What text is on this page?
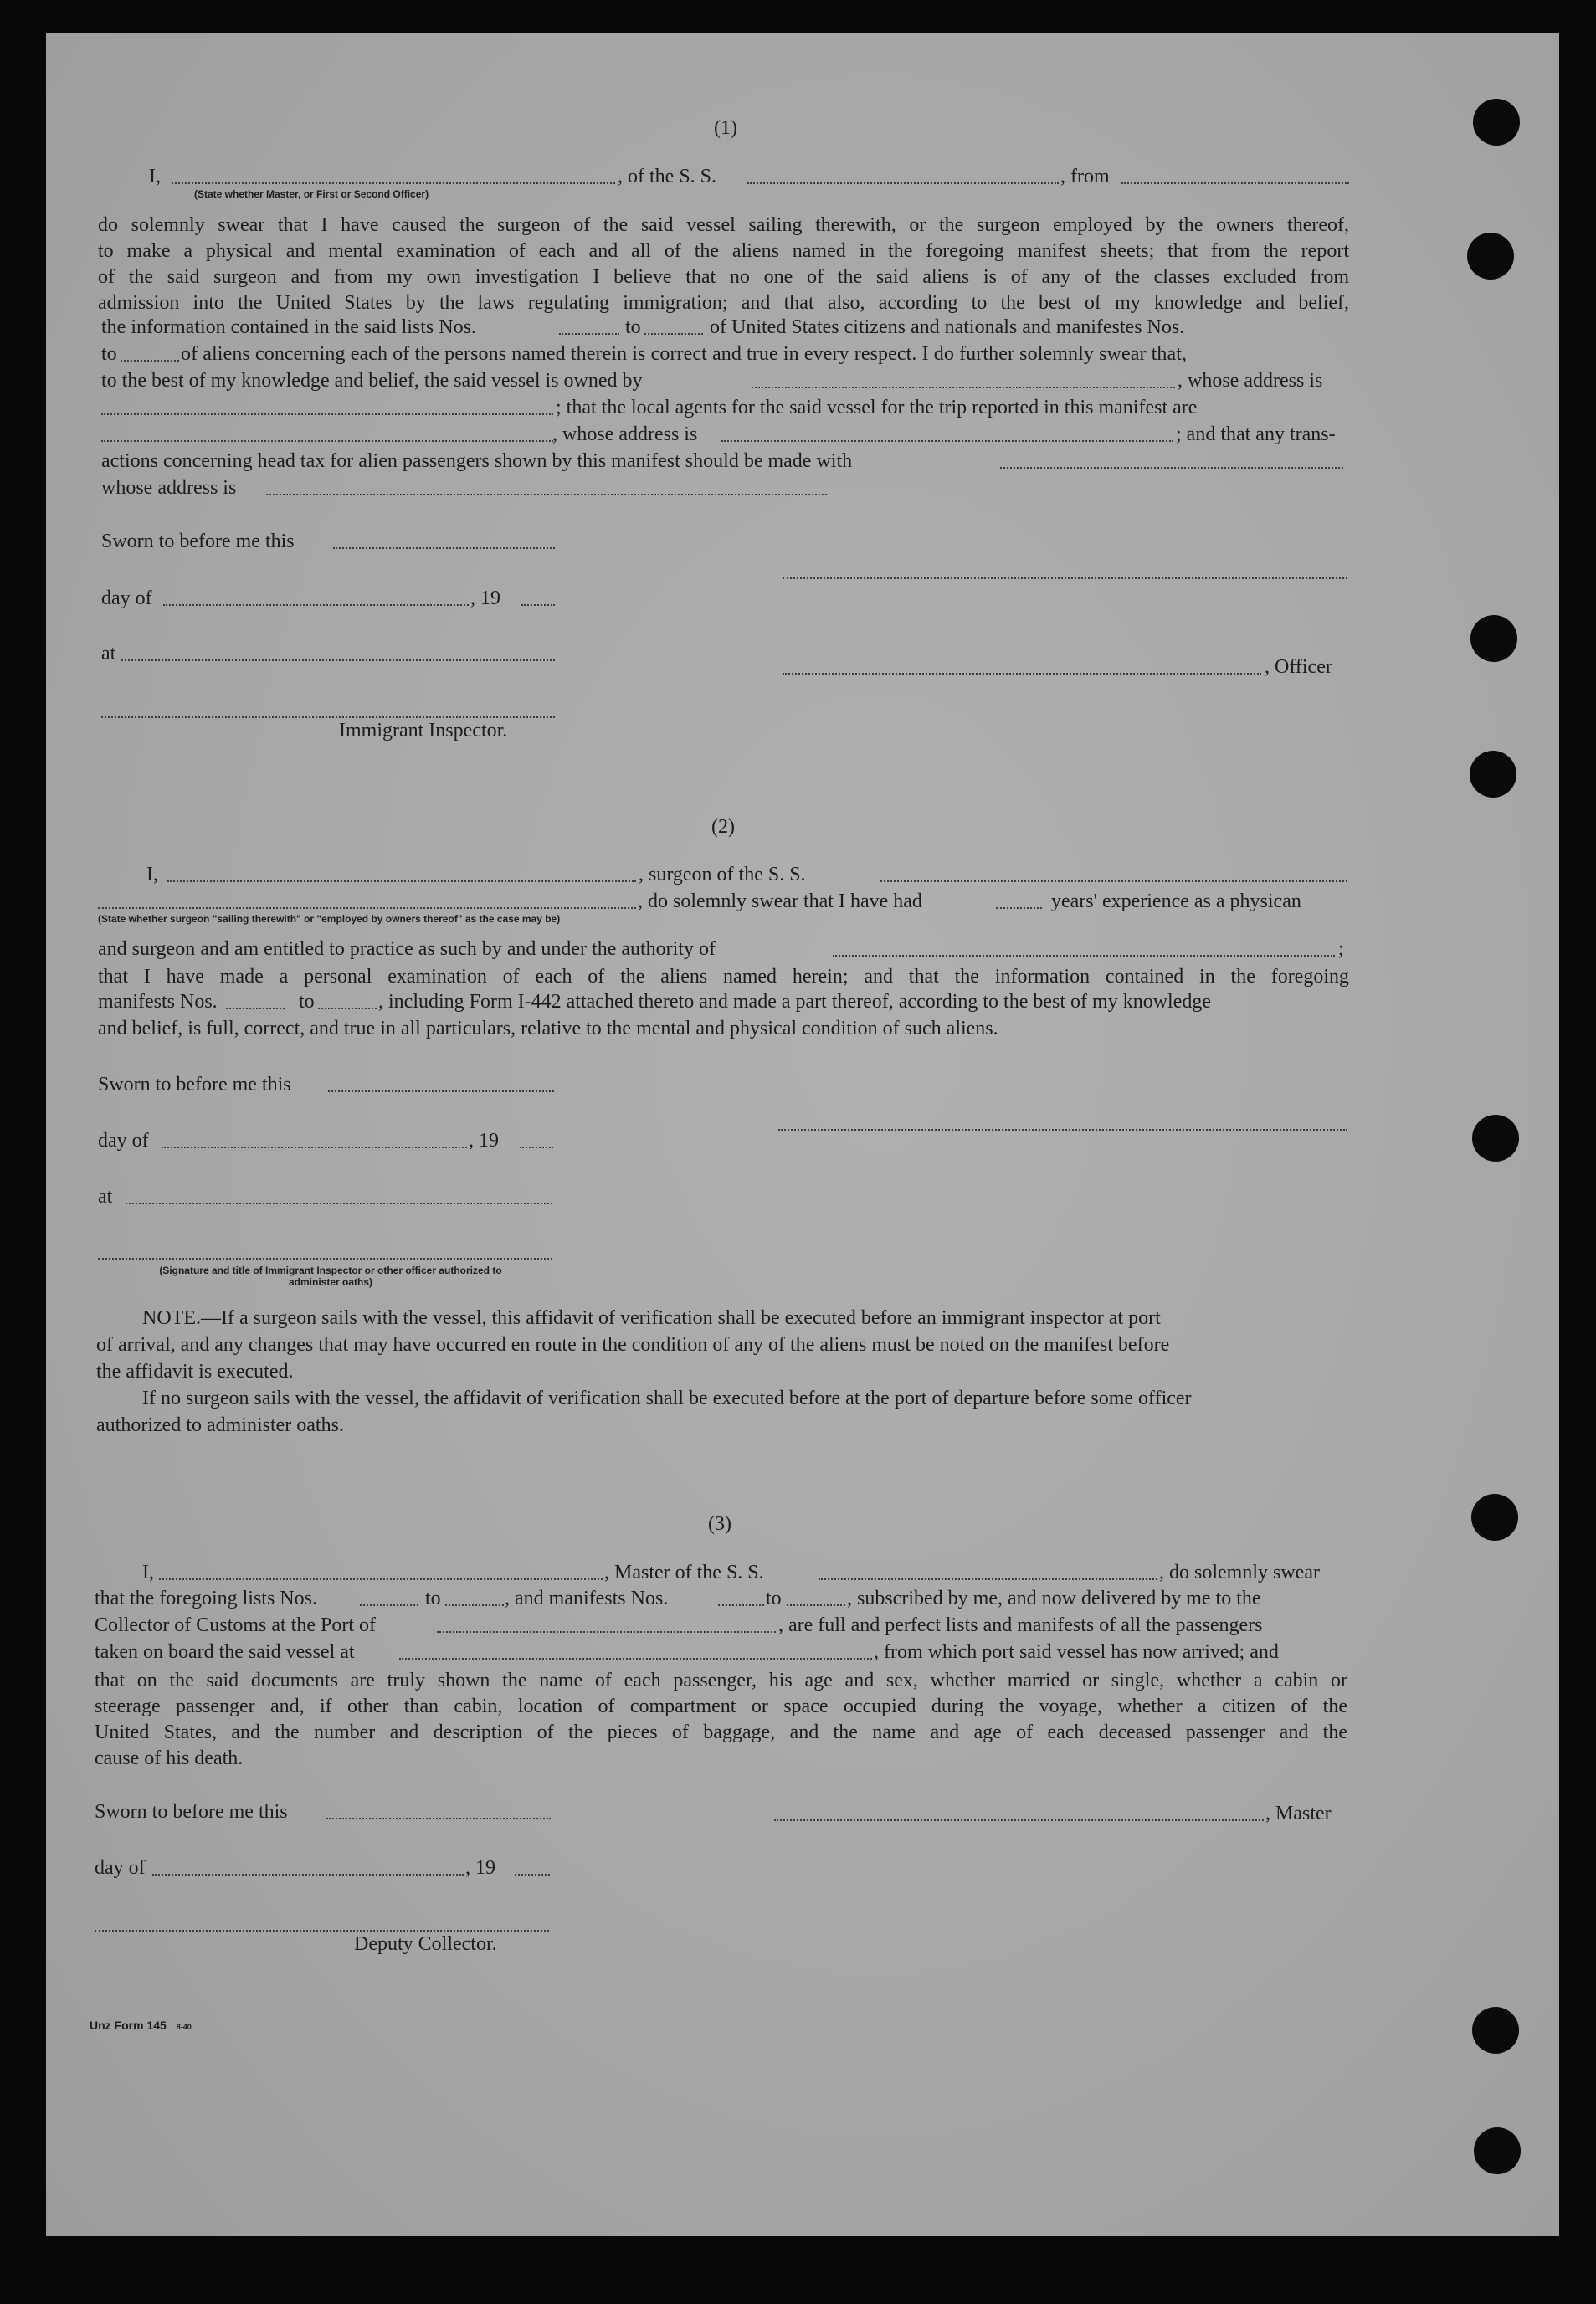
(1)
I,	, of the S. S.	, from
(State whether Master, or First or Second Officer)

do solemnly swear that I have caused the surgeon of the said vessel sailing therewith, or the surgeon employed by the owners thereof,

to make a physical and mental examination of each and all of the aliens named in the foregoing manifest sheets; that from the report

of the said surgeon and from my own investigation I believe that no one of the said aliens is of any of the classes excluded from

admission into the United States by the laws regulating immigration; and that also, according to the best of my knowledge and belief,

the information contained in the said lists Nos.	to	of United States citizens and nationals and manifestes Nos.
to	of aliens concerning each of the persons named therein is correct and true in every respect. I do further solemnly swear that,
to the best of my knowledge and belief, the said vessel is owned by	, whose address is
; that the local agents for the said vessel for the trip reported in this manifest are
, whose address is	; and that any trans-
actions concerning head tax for alien passengers shown by this manifest should be made with
whose address is
Sworn to before me this
day of	, 19
at
, Officer
Immigrant Inspector.
(2)
I,	, surgeon of the S. S.
, do solemnly swear that I have had	years' experience as a physican
(State whether surgeon "sailing therewith" or "employed by owners thereof" as the case may be)
and surgeon and am entitled to practice as such by and under the authority of	;

that I have made a personal examination of each of the aliens named herein; and that the information contained in the foregoing

manifests Nos.	to	, including Form I-442 attached thereto and made a part thereof, according to the best of my knowledge
and belief, is full, correct, and true in all particulars, relative to the mental and physical condition of such aliens.
Sworn to before me this
day of	, 19
at
(Signature and title of Immigrant Inspector or other officer authorized to administer oaths)
NOTE.—If a surgeon sails with the vessel, this affidavit of verification shall be executed before an immigrant inspector at port
of arrival, and any changes that may have occurred en route in the condition of any of the aliens must be noted on the manifest before
the affidavit is executed.
If no surgeon sails with the vessel, the affidavit of verification shall be executed before at the port of departure before some officer
authorized to administer oaths.
(3)
I,	, Master of the S. S.	, do solemnly swear
that the foregoing lists Nos.	to	, and manifests Nos.	to	, subscribed by me, and now delivered by me to the
Collector of Customs at the Port of	, are full and perfect lists and manifests of all the passengers
taken on board the said vessel at	, from which port said vessel has now arrived; and

that on the said documents are truly shown the name of each passenger, his age and sex, whether married or single, whether a cabin or

steerage passenger and, if other than cabin, location of compartment or space occupied during the voyage, whether a citizen of the

United States, and the number and description of the pieces of baggage, and the name and age of each deceased passenger and the

cause of his death.

Sworn to before me this	, Master
day of	, 19
Deputy Collector.
Unz Form 145 8-40
